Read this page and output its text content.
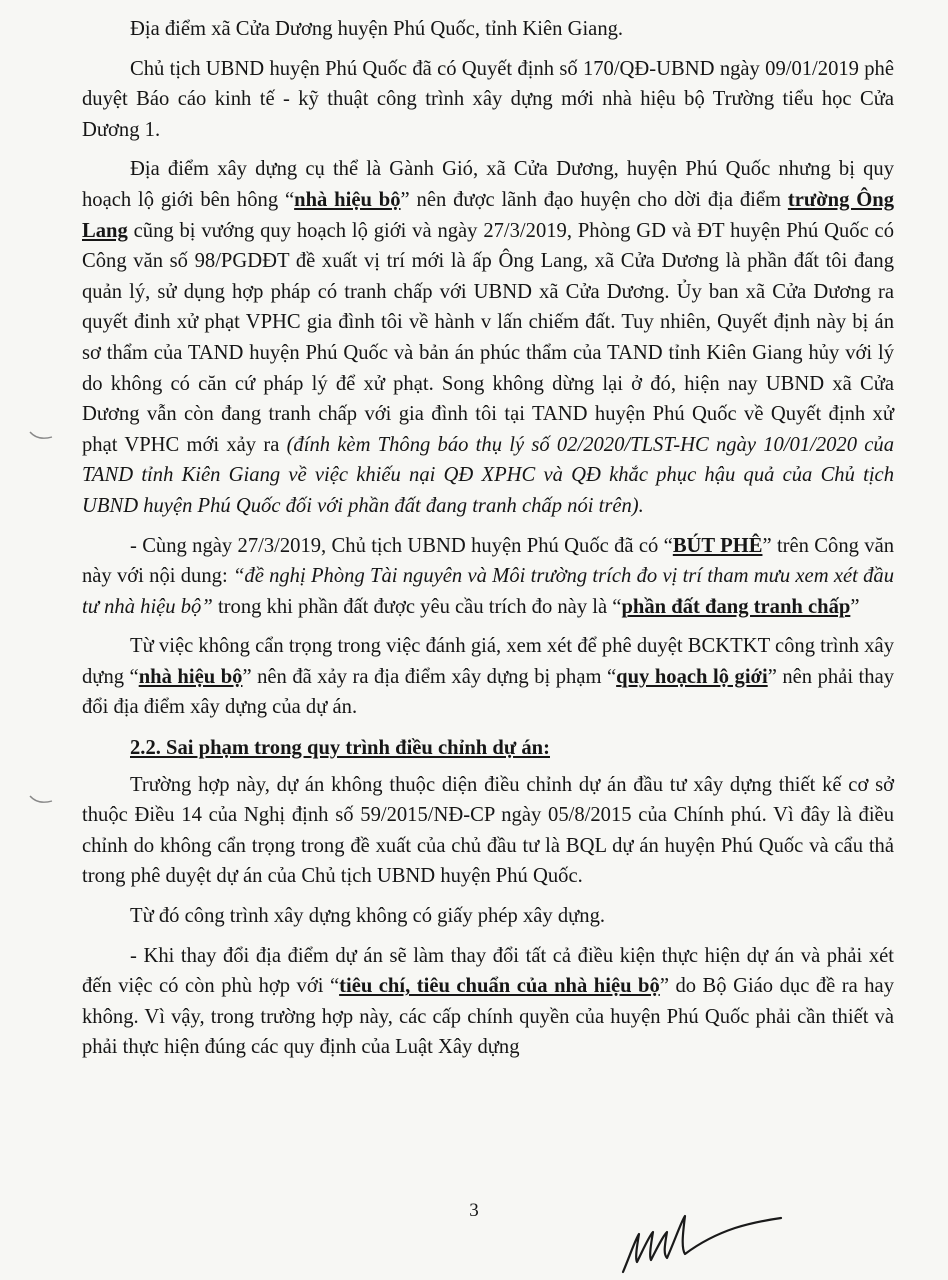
Địa điểm xã Cửa Dương huyện Phú Quốc, tỉnh Kiên Giang.

Chủ tịch UBND huyện Phú Quốc đã có Quyết định số 170/QĐ-UBND ngày 09/01/2019 phê duyệt Báo cáo kinh tế - kỹ thuật công trình xây dựng mới nhà hiệu bộ Trường tiểu học Cửa Dương 1.

Địa điểm xây dựng cụ thể là Gành Gió, xã Cửa Dương, huyện Phú Quốc nhưng bị quy hoạch lộ giới bên hông “nhà hiệu bộ” nên được lãnh đạo huyện cho dời địa điểm trường Ông Lang cũng bị vướng quy hoạch lộ giới và ngày 27/3/2019, Phòng GD và ĐT huyện Phú Quốc có Công văn số 98/PGDĐT đề xuất vị trí mới là ấp Ông Lang, xã Cửa Dương là phần đất tôi đang quản lý, sử dụng hợp pháp có tranh chấp với UBND xã Cửa Dương. Ủy ban xã Cửa Dương ra quyết đinh xử phạt VPHC gia đình tôi về hành v lấn chiếm đất. Tuy nhiên, Quyết định này bị án sơ thẩm của TAND huyện Phú Quốc và bản án phúc thẩm của TAND tỉnh Kiên Giang hủy với lý do không có căn cứ pháp lý để xử phạt. Song không dừng lại ở đó, hiện nay UBND xã Cửa Dương vẫn còn đang tranh chấp với gia đình tôi tại TAND huyện Phú Quốc về Quyết định xử phạt VPHC mới xảy ra (đính kèm Thông báo thụ lý số 02/2020/TLST-HC ngày 10/01/2020 của TAND tỉnh Kiên Giang về việc khiếu nại QĐ XPHC và QĐ khắc phục hậu quả của Chủ tịch UBND huyện Phú Quốc đối với phần đất đang tranh chấp nói trên).

- Cùng ngày 27/3/2019, Chủ tịch UBND huyện Phú Quốc đã có “BÚT PHÊ” trên Công văn này với nội dung: “đề nghị Phòng Tài nguyên và Môi trường trích đo vị trí tham mưu xem xét đầu tư nhà hiệu bộ” trong khi phần đất được yêu cầu trích đo này là “phần đất đang tranh chấp”

Từ việc không cẩn trọng trong việc đánh giá, xem xét để phê duyệt BCKTKT công trình xây dựng “nhà hiệu bộ” nên đã xảy ra địa điểm xây dựng bị phạm “quy hoạch lộ giới” nên phải thay đổi địa điểm xây dựng của dự án.

2.2. Sai phạm trong quy trình điều chỉnh dự án:

Trường hợp này, dự án không thuộc diện điều chỉnh dự án đầu tư xây dựng thiết kế cơ sở thuộc Điều 14 của Nghị định số 59/2015/NĐ-CP ngày 05/8/2015 của Chính phú. Vì đây là điều chỉnh do không cẩn trọng trong đề xuất của chủ đầu tư là BQL dự án huyện Phú Quốc và cẩu thả trong phê duyệt dự án của Chủ tịch UBND huyện Phú Quốc.

Từ đó công trình xây dựng không có giấy phép xây dựng.

- Khi thay đổi địa điểm dự án sẽ làm thay đổi tất cả điều kiện thực hiện dự án và phải xét đến việc có còn phù hợp với “tiêu chí, tiêu chuẩn của nhà hiệu bộ” do Bộ Giáo dục đề ra hay không. Vì vậy, trong trường hợp này, các cấp chính quyền của huyện Phú Quốc phải cần thiết và phải thực hiện đúng các quy định của Luật Xây dựng

3
